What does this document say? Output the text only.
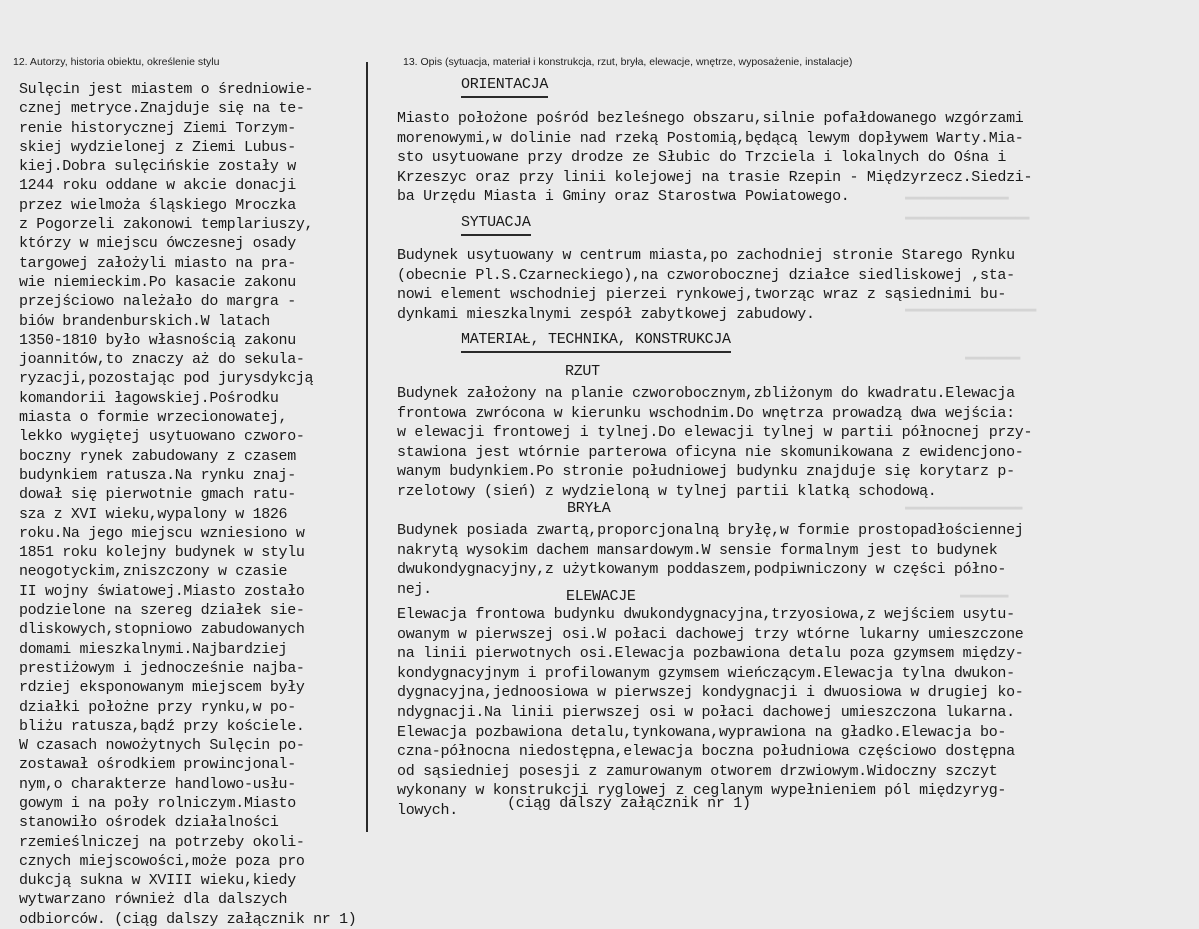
12. Autorzy, historia obiektu, określenie stylu	13. Opis (sytuacja, materiał i konstrukcja, rzut, bryła, elewacje, wnętrze, wyposażenie, instalacje)
▬▬▬▬▬▬▬▬▬▬▬▬▬▬▬
▬▬▬▬▬▬▬▬▬▬▬▬▬▬▬▬▬▬
▬▬▬▬▬▬▬▬▬▬▬▬▬▬▬▬▬▬▬
▬▬▬▬▬▬▬▬
▬▬▬▬▬▬▬▬▬▬▬▬▬▬▬▬▬
▬▬▬▬▬▬▬
Sulęcin jest miastem o średniowie-
cznej metryce.Znajduje się na te-
renie historycznej Ziemi Torzym-
skiej wydzielonej z Ziemi Lubus-
kiej.Dobra sulęcińskie zostały w
1244 roku oddane w akcie donacji
przez wielmoża śląskiego Mroczka
z Pogorzeli zakonowi templariuszy,
którzy w miejscu ówczesnej osady
targowej założyli miasto na pra-
wie niemieckim.Po kasacie zakonu
przejściowo należało do margra -
biów brandenburskich.W latach
1350-1810 było własnością zakonu
joannitów,to znaczy aż do sekula-
ryzacji,pozostając pod jurysdykcją
komandorii łagowskiej.Pośrodku
miasta o formie wrzecionowatej,
lekko wygiętej usytuowano czworo-
boczny rynek zabudowany z czasem
budynkiem ratusza.Na rynku znaj-
dował się pierwotnie gmach ratu-
sza z XVI wieku,wypalony w 1826
roku.Na jego miejscu wzniesiono w
1851 roku kolejny budynek w stylu
neogotyckim,zniszczony w czasie
II wojny światowej.Miasto zostało
podzielone na szereg działek sie-
dliskowych,stopniowo zabudowanych
domami mieszkalnymi.Najbardziej
prestiżowym i jednocześnie najba-
rdziej eksponowanym miejscem były
działki położne przy rynku,w po-
bliżu ratusza,bądź przy kościele.
W czasach nowożytnych Sulęcin po-
zostawał ośrodkiem prowincjonal-
nym,o charakterze handlowo-usłu-
gowym i na poły rolniczym.Miasto
stanowiło ośrodek działalności
rzemieślniczej na potrzeby okoli-
cznych miejscowości,może poza pro
dukcją sukna w XVIII wieku,kiedy
wytwarzano również dla dalszych
odbiorców. (ciąg dalszy załącznik nr 1)
ORIENTACJA
Miasto położone pośród bezleśnego obszaru,silnie pofałdowanego wzgórzami
morenowymi,w dolinie nad rzeką Postomią,będącą lewym dopływem Warty.Mia-
sto usytuowane przy drodze ze Słubic do Trzciela i lokalnych do Ośna i
Krzeszyc oraz przy linii kolejowej na trasie Rzepin - Międzyrzecz.Siedzi-
ba Urzędu Miasta i Gminy oraz Starostwa Powiatowego.
SYTUACJA
Budynek usytuowany w centrum miasta,po zachodniej stronie Starego Rynku
(obecnie Pl.S.Czarneckiego),na czworobocznej działce siedliskowej ,sta-
nowi element wschodniej pierzei rynkowej,tworząc wraz z sąsiednimi bu-
dynkami mieszkalnymi zespół zabytkowej zabudowy.
MATERIAŁ, TECHNIKA, KONSTRUKCJA
RZUT
Budynek założony na planie czworobocznym,zbliżonym do kwadratu.Elewacja
frontowa zwrócona w kierunku wschodnim.Do wnętrza prowadzą dwa wejścia:
w elewacji frontowej i tylnej.Do elewacji tylnej w partii północnej przy-
stawiona jest wtórnie parterowa oficyna nie skomunikowana z ewidencjono-
wanym budynkiem.Po stronie południowej budynku znajduje się korytarz p-
rzelotowy (sień) z wydzieloną w tylnej partii klatką schodową.
BRYŁA
Budynek posiada zwartą,proporcjonalną bryłę,w formie prostopadłościennej
nakrytą wysokim dachem mansardowym.W sensie formalnym jest to budynek
dwukondygnacyjny,z użytkowanym poddaszem,podpiwniczony w części półno-
nej.	ELEWACJE
Elewacja frontowa budynku dwukondygnacyjna,trzyosiowa,z wejściem usytu-
owanym w pierwszej osi.W połaci dachowej trzy wtórne lukarny umieszczone
na linii pierwotnych osi.Elewacja pozbawiona detalu poza gzymsem między-
kondygnacyjnym i profilowanym gzymsem wieńczącym.Elewacja tylna dwukon-
dygnacyjna,jednoosiowa w pierwszej kondygnacji i dwuosiowa w drugiej ko-
ndygnacji.Na linii pierwszej osi w połaci dachowej umieszczona lukarna.
Elewacja pozbawiona detalu,tynkowana,wyprawiona na gładko.Elewacja bo-
czna-północna niedostępna,elewacja boczna południowa częściowo dostępna
od sąsiedniej posesji z zamurowanym otworem drzwiowym.Widoczny szczyt
wykonany w konstrukcji ryglowej z ceglanym wypełnieniem pól międzyryg-
lowych.	(ciąg dalszy załącznik nr 1)
